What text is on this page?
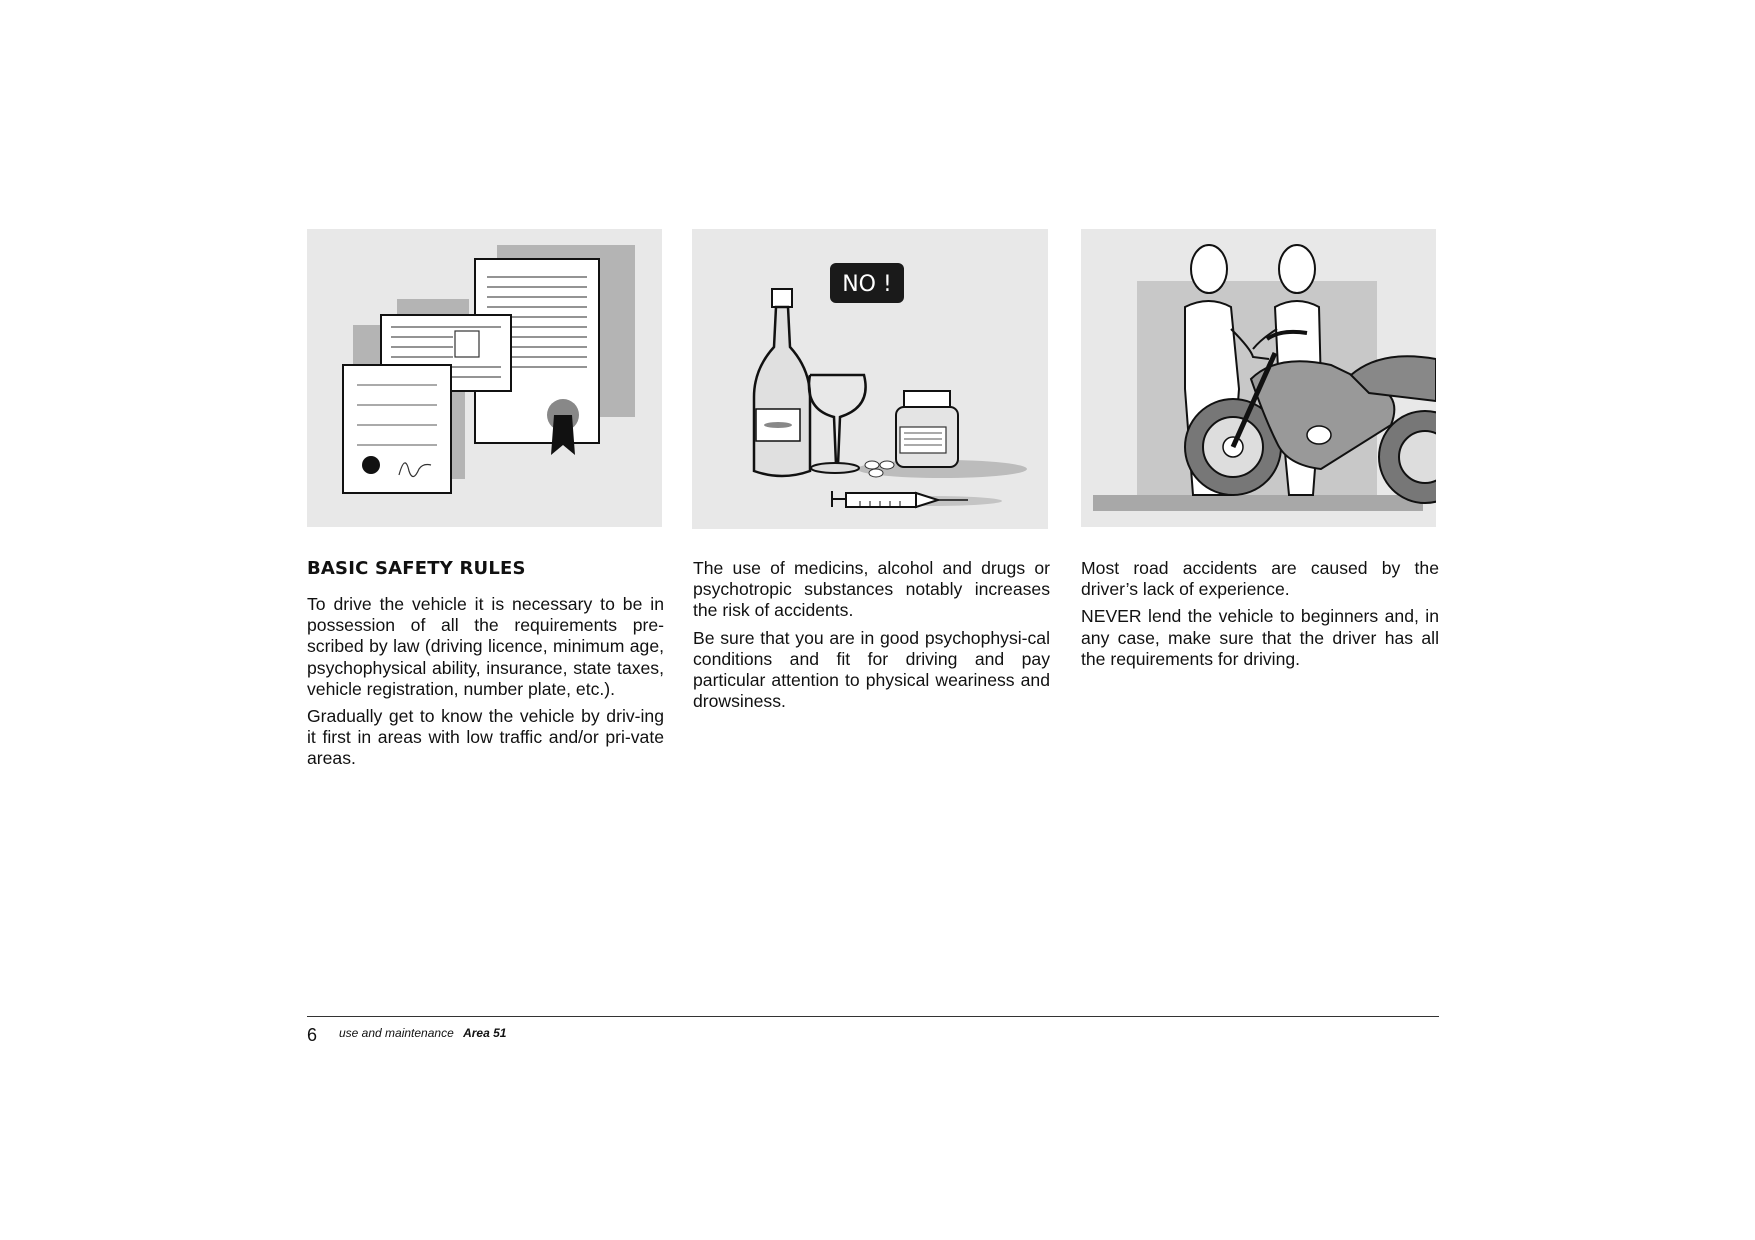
NO !
BASIC SAFETY RULES

To drive the vehicle it is necessary to be in possession of all the requirements pre-scribed by law (driving licence, minimum age, psychophysical ability, insurance, state taxes, vehicle registration, number plate, etc.).

Gradually get to know the vehicle by driv-ing it first in areas with low traffic and/or pri-vate areas.

The use of medicins, alcohol and drugs or psychotropic substances notably increases the risk of accidents.

Be sure that you are in good psychophysi-cal conditions and fit for driving and pay particular attention to physical weariness and drowsiness.

Most road accidents are caused by the driver’s lack of experience.

NEVER lend the vehicle to beginners and, in any case, make sure that the driver has all the requirements for driving.

6 use and maintenance Area 51
